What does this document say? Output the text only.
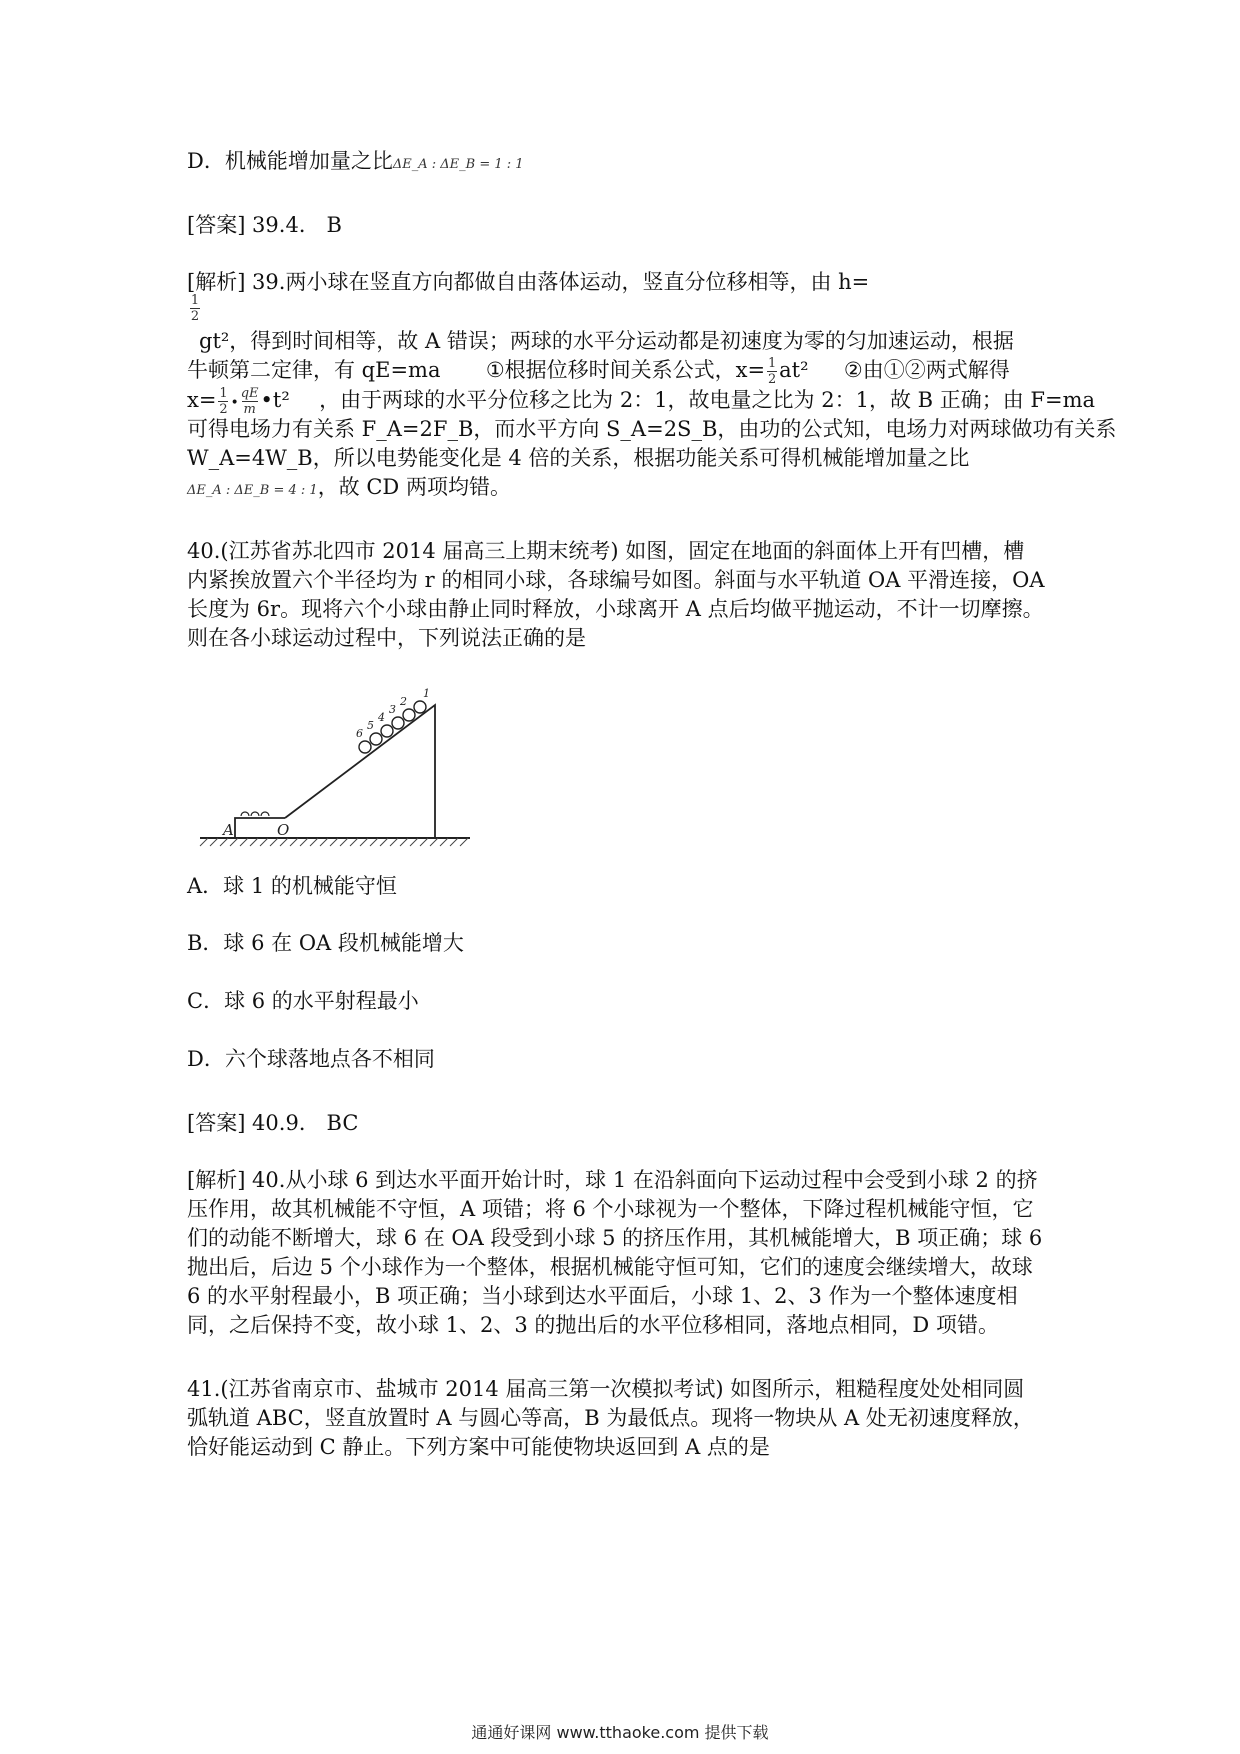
D．机械能增加量之比ΔE_A : ΔE_B = 1 : 1
[答案] 39.4． B
[解析] 39.两小球在竖直方向都做自由落体运动，竖直分位移相等，由 h=
1
2
gt²，得到时间相等，故 A 错误；两球的水平分运动都是初速度为零的匀加速运动，根据
牛顿第二定律，有 qE=ma ①根据位移时间关系公式，$x= \frac{1}{2} at^2$ ②由①②两式解得
$x= \frac{1}{2}$ • $\frac{qE}{m}$ •t² ，由于两球的水平分位移之比为 2：1，故电量之比为 2：1，故 B 正确；由 F=ma
可得电场力有关系 F_A=2F_B，而水平方向 S_A=2S_B，由功的公式知，电场力对两球做功有关系
W_A=4W_B，所以电势能变化是 4 倍的关系，根据功能关系可得机械能增加量之比
ΔE_A : ΔE_B = 4 : 1，故 CD 两项均错。
40.(江苏省苏北四市 2014 届高三上期末统考) 如图，固定在地面的斜面体上开有凹槽，槽
内紧挨放置六个半径均为 r 的相同小球，各球编号如图。斜面与水平轨道 OA 平滑连接，OA
长度为 6r。现将六个小球由静止同时释放，小球离开 A 点后均做平抛运动，不计一切摩擦。
则在各小球运动过程中，下列说法正确的是
6
5
4
3
2
1
A	O
A．球 1 的机械能守恒
B．球 6 在 OA 段机械能增大
C．球 6 的水平射程最小
D．六个球落地点各不相同
[答案] 40.9． BC
[解析] 40.从小球 6 到达水平面开始计时，球 1 在沿斜面向下运动过程中会受到小球 2 的挤
压作用，故其机械能不守恒，A 项错；将 6 个小球视为一个整体，下降过程机械能守恒，它
们的动能不断增大，球 6 在 OA 段受到小球 5 的挤压作用，其机械能增大，B 项正确；球 6
抛出后，后边 5 个小球作为一个整体，根据机械能守恒可知，它们的速度会继续增大，故球
6 的水平射程最小，B 项正确；当小球到达水平面后，小球 1、2、3 作为一个整体速度相
同，之后保持不变，故小球 1、2、3 的抛出后的水平位移相同，落地点相同，D 项错。
41.(江苏省南京市、盐城市 2014 届高三第一次模拟考试) 如图所示，粗糙程度处处相同圆
弧轨道 ABC，竖直放置时 A 与圆心等高，B 为最低点。现将一物块从 A 处无初速度释放，
恰好能运动到 C 静止。下列方案中可能使物块返回到 A 点的是
通通好课网 www.tthaoke.com 提供下载
